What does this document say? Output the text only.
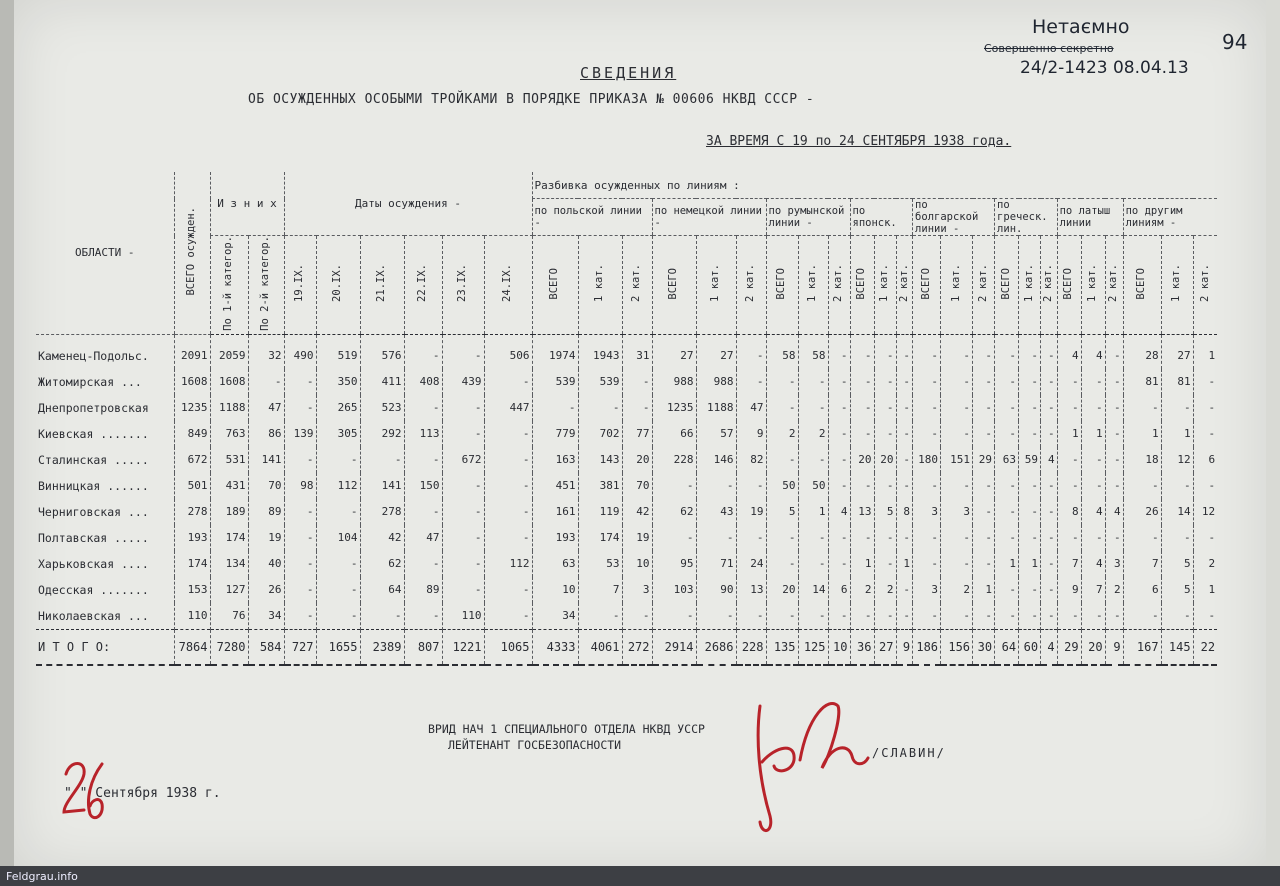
Нетаємно
Совершенно секретно
24/2-1423 08.04.13
94
СВЕДЕНИЯ
ОБ ОСУЖДЕННЫХ ОСОБЫМИ ТРОЙКАМИ В ПОРЯДКЕ ПРИКАЗА № 00606 НКВД СССР -
ЗА ВРЕМЯ С 19 по 24 СЕНТЯБРЯ 1938 года.
ОБЛАСТИ -	ВСЕГО осужден.	И з н и х		Даты осуждения -						Разбивка осужденных по линиям :																							
										по польской линии -			по немецкой линии -			по румынской линии -			по японск.			по болгарской линии -			по греческ. лин.			по латыш линии			по другим линиям -		
		По 1-й категор.	По 2-й категор.	19.IX.	20.IX.	21.IX.	22.IX.	23.IX.	24.IX.	ВСЕГО	1 кат.	2 кат.	ВСЕГО	1 кат.	2 кат.	ВСЕГО	1 кат.	2 кат.	ВСЕГО	1 кат.	2 кат.	ВСЕГО	1 кат.	2 кат.	ВСЕГО	1 кат.	2 кат.	ВСЕГО	1 кат.	2 кат.	ВСЕГО	1 кат.	2 кат.
Каменец-Подольс.	2091	2059	32	490	519	576	-	-	506	1974	1943	31	27	27	-	58	58	-	-	-	-	-	-	-	-	-	-	4	4	-	28	27	1
Житомирская ...	1608	1608	-	-	350	411	408	439	-	539	539	-	988	988	-	-	-	-	-	-	-	-	-	-	-	-	-	-	-	-	81	81	-
Днепропетровская	1235	1188	47	-	265	523	-	-	447	-	-	-	1235	1188	47	-	-	-	-	-	-	-	-	-	-	-	-	-	-	-	-	-	-
Киевская .......	849	763	86	139	305	292	113	-	-	779	702	77	66	57	9	2	2	-	-	-	-	-	-	-	-	-	-	1	1	-	1	1	-
Сталинская .....	672	531	141	-	-	-	-	672	-	163	143	20	228	146	82	-	-	-	20	20	-	180	151	29	63	59	4	-	-	-	18	12	6
Винницкая ......	501	431	70	98	112	141	150	-	-	451	381	70	-	-	-	50	50	-	-	-	-	-	-	-	-	-	-	-	-	-	-	-	-
Черниговская ...	278	189	89	-	-	278	-	-	-	161	119	42	62	43	19	5	1	4	13	5	8	3	3	-	-	-	-	8	4	4	26	14	12
Полтавская .....	193	174	19	-	104	42	47	-	-	193	174	19	-	-	-	-	-	-	-	-	-	-	-	-	-	-	-	-	-	-	-	-	-
Харьковская ....	174	134	40	-	-	62	-	-	112	63	53	10	95	71	24	-	-	-	1	-	1	-	-	-	1	1	-	7	4	3	7	5	2
Одесская .......	153	127	26	-	-	64	89	-	-	10	7	3	103	90	13	20	14	6	2	2	-	3	2	1	-	-	-	9	7	2	6	5	1
Николаевская ...	110	76	34	-	-	-	-	110	-	34	-	-	-	-	-	-	-	-	-	-	-	-	-	-	-	-	-	-	-	-	-	-	-
И Т О Г О:	7864	7280	584	727	1655	2389	807	1221	1065	4333	4061	272	2914	2686	228	135	125	10	36	27	9	186	156	30	64	60	4	29	20	9	167	145	22
ВРИД НАЧ 1 СПЕЦИАЛЬНОГО ОТДЕЛА НКВД УССР
ЛЕЙТЕНАНТ ГОСБЕЗОПАСНОСТИ
/СЛАВИН/
" " Сентября 1938 г.
Feldgrau.info
